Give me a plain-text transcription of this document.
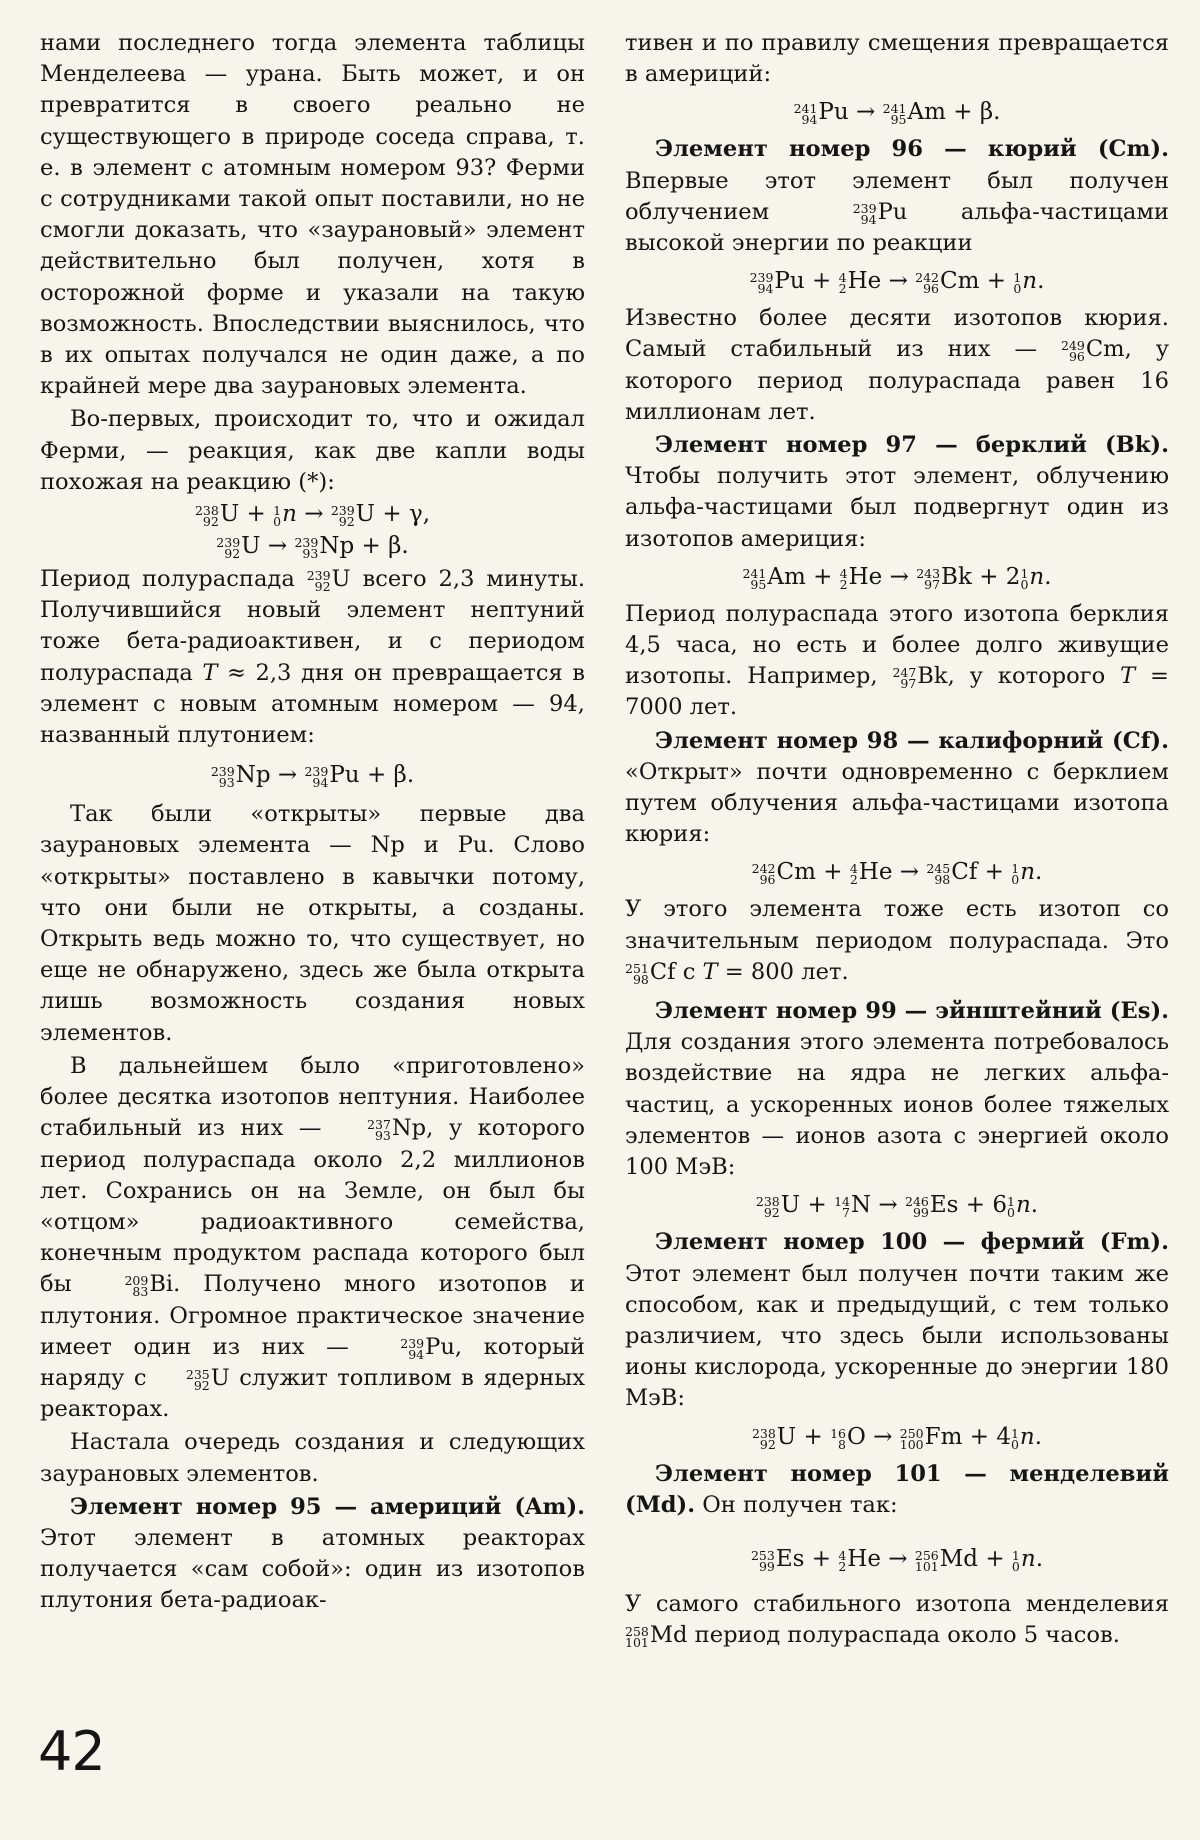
нами последнего тогда элемента таблицы Менделеева — урана. Быть может, и он превратится в своего реально не существующего в природе соседа справа, т. е. в элемент с атомным номером 93? Ферми с сотрудниками такой опыт поставили, но не смогли доказать, что «заурановый» элемент действительно был получен, хотя в осторожной форме и указали на такую возможность. Впоследствии выяснилось, что в их опытах получался не один даже, а по крайней мере два заурановых элемента.

Во-первых, происходит то, что и ожидал Ферми, — реакция, как две капли воды похожая на реакцию (*):

238
92 U + 1
0 n → 239
92 U + γ,
239
92 U → 239
93 Np + β.

Период полураспада 239
92 U всего 2,3 минуты. Получившийся новый элемент нептуний тоже бета-радиоактивен, и с периодом полураспада T ≈ 2,3 дня он превращается в элемент с новым атомным номером — 94, названный плутонием:

239
93 Np → 239
94 Pu + β.

Так были «открыты» первые два заурановых элемента — Np и Pu. Слово «открыты» поставлено в кавычки потому, что они были не открыты, а созданы. Открыть ведь можно то, что существует, но еще не обнаружено, здесь же была открыта лишь возможность создания новых элементов.

В дальнейшем было «приготовлено» более десятка изотопов нептуния. Наиболее стабильный из них —	237
93 Np, у которого период полураспада около 2,2 миллионов лет. Сохранись он на Земле, он был бы «отцом» радиоактивного семейства, конечным продуктом распада которого был бы	209
83 Bi. Получено много изотопов и плутония. Огромное практическое значение имеет один из них —	239
94 Pu, который наряду с	235
92 U служит топливом в ядерных реакторах.

Настала очередь создания и следующих заурановых элементов.

Элемент номер 95 — америций (Am). Этот элемент в атомных реакторах получается «сам собой»: один из изотопов плутония бета-радиоак-

тивен и по правилу смещения превращается в америций:

241
94 Pu → 241
95 Am + β.

Элемент номер 96 — кюрий (Cm). Впервые этот элемент был получен облучением	239
94 Pu альфа-частицами высокой энергии по реакции

239
94 Pu + 4
2 He → 242
96 Cm + 1
0 n.

Известно более десяти изотопов кюрия. Самый стабильный из них — 249
96 Cm, у которого период полураспада равен 16 миллионам лет.

Элемент номер 97 — берклий (Bk). Чтобы получить этот элемент, облучению альфа-частицами был подвергнут один из изотопов америция:

241
95 Am + 4
2 He → 243
97 Bk + 2 1
0 n.

Период полураспада этого изотопа берклия 4,5 часа, но есть и более долго живущие изотопы. Например, 247
97 Bk, у которого T = 7000 лет.

Элемент номер 98 — калифорний (Cf). «Открыт» почти одновременно с берклием путем облучения альфа-частицами изотопа кюрия:

242
96 Cm + 4
2 He → 245
98 Cf + 1
0 n.

У этого элемента тоже есть изотоп со значительным периодом полураспада. Это
251
98 Cf с T = 800 лет.

Элемент номер 99 — эйнштейний (Es). Для создания этого элемента потребовалось воздействие на ядра не легких альфа-частиц, а ускоренных ионов более тяжелых элементов — ионов азота с энергией около 100 МэВ:

238
92 U + 14
7 N → 246
99 Es + 6 1
0 n.

Элемент номер 100 — фермий (Fm). Этот элемент был получен почти таким же способом, как и предыдущий, с тем только различием, что здесь были использованы ионы кислорода, ускоренные до энергии 180 МэВ:

238
92 U + 16
8 O → 250
100 Fm + 4 1
0 n.

Элемент номер 101 — менделевий (Md). Он получен так:

253
99 Es + 4
2 He → 256
101 Md + 1
0 n.

У самого стабильного изотопа менделевия
258
101 Md период полураспада около 5 часов.

42
